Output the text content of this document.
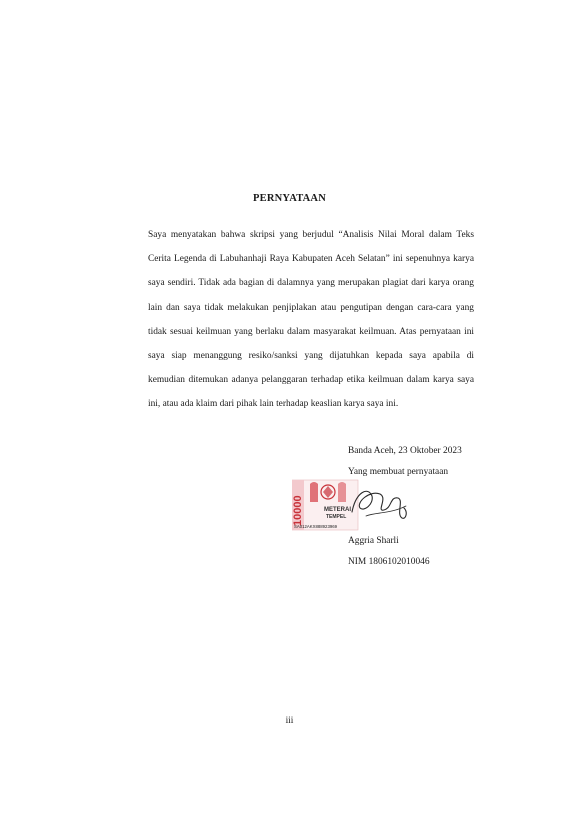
PERNYATAAN
Saya menyatakan bahwa skripsi yang berjudul “Analisis Nilai Moral dalam Teks
Cerita Legenda di Labuhanhaji Raya Kabupaten Aceh Selatan” ini sepenuhnya karya
saya sendiri. Tidak ada bagian di dalamnya yang merupakan plagiat dari karya orang
lain dan saya tidak melakukan penjiplakan atau pengutipan dengan cara-cara yang
tidak sesuai keilmuan yang berlaku dalam masyarakat keilmuan. Atas pernyataan ini
saya siap menanggung resiko/sanksi yang dijatuhkan kepada saya apabila di
kemudian ditemukan adanya pelanggaran terhadap etika keilmuan dalam karya saya
ini, atau ada klaim dari pihak lain terhadap keaslian karya saya ini.
Banda Aceh, 23 Oktober 2023
Yang membuat pernyataan
10000	METERAI
TEMPEL
SA012AKX888923969
Aggria Sharli
NIM 1806102010046
iii
